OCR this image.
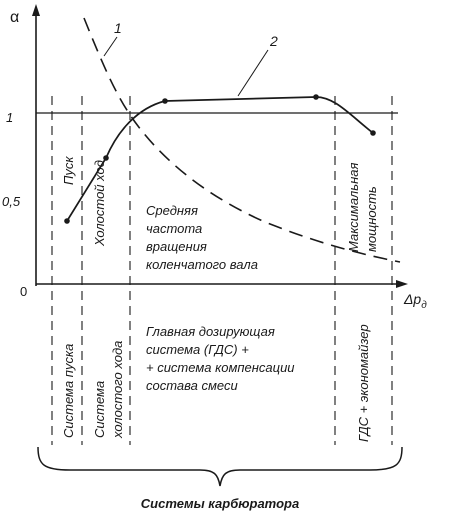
α
$\Delta p_д$
1
0,5
0
1
2
Пуск Холостой ход	Средняя частота вращения коленчатого вала
Максимальная мощность
Система пуска Система холостого хода
Главная дозирующая система (ГДС) + + система компенсации состава смеси	ГДС + экономайзер
Системы карбюратора
